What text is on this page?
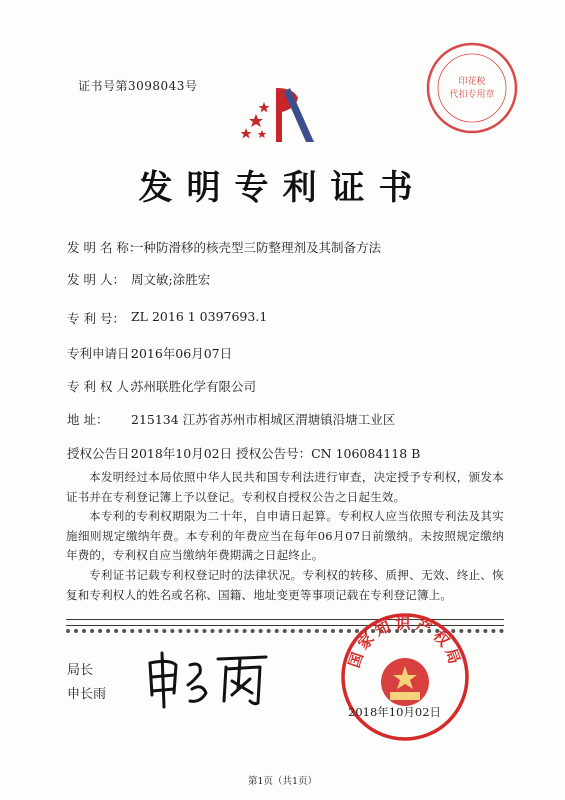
证书号第3098043号	印花税
代扣专用章
发明专利证书
发 明 名 称：
一种防滑移的核壳型三防整理剂及其制备方法
发 明 人： 周文敏;涂胜宏
专 利 号： ZL 2016 1 0397693.1
专利申请日：
2016年06月07日
专 利 权 人：
苏州联胜化学有限公司
地 址：	215134 江苏省苏州市相城区渭塘镇沿塘工业区
授权公告日：
2018年10月02日 授权公告号：CN 106084118 B

本发明经过本局依照中华人民共和国专利法进行审查，决定授予专利权，颁发本证书并在专利登记簿上予以登记。专利权自授权公告之日起生效。

本专利的专利权期限为二十年，自申请日起算。专利权人应当依照专利法及其实施细则规定缴纳年费。本专利的年费应当在每年06月07日前缴纳。未按照规定缴纳年费的，专利权自应当缴纳年费期满之日起终止。

专利证书记载专利权登记时的法律状况。专利权的转移、质押、无效、终止、恢复和专利权人的姓名或名称、国籍、地址变更等事项记载在专利登记簿上。

局长
申长雨
国家知识产权局
2018年10月02日
第1页（共1页）
